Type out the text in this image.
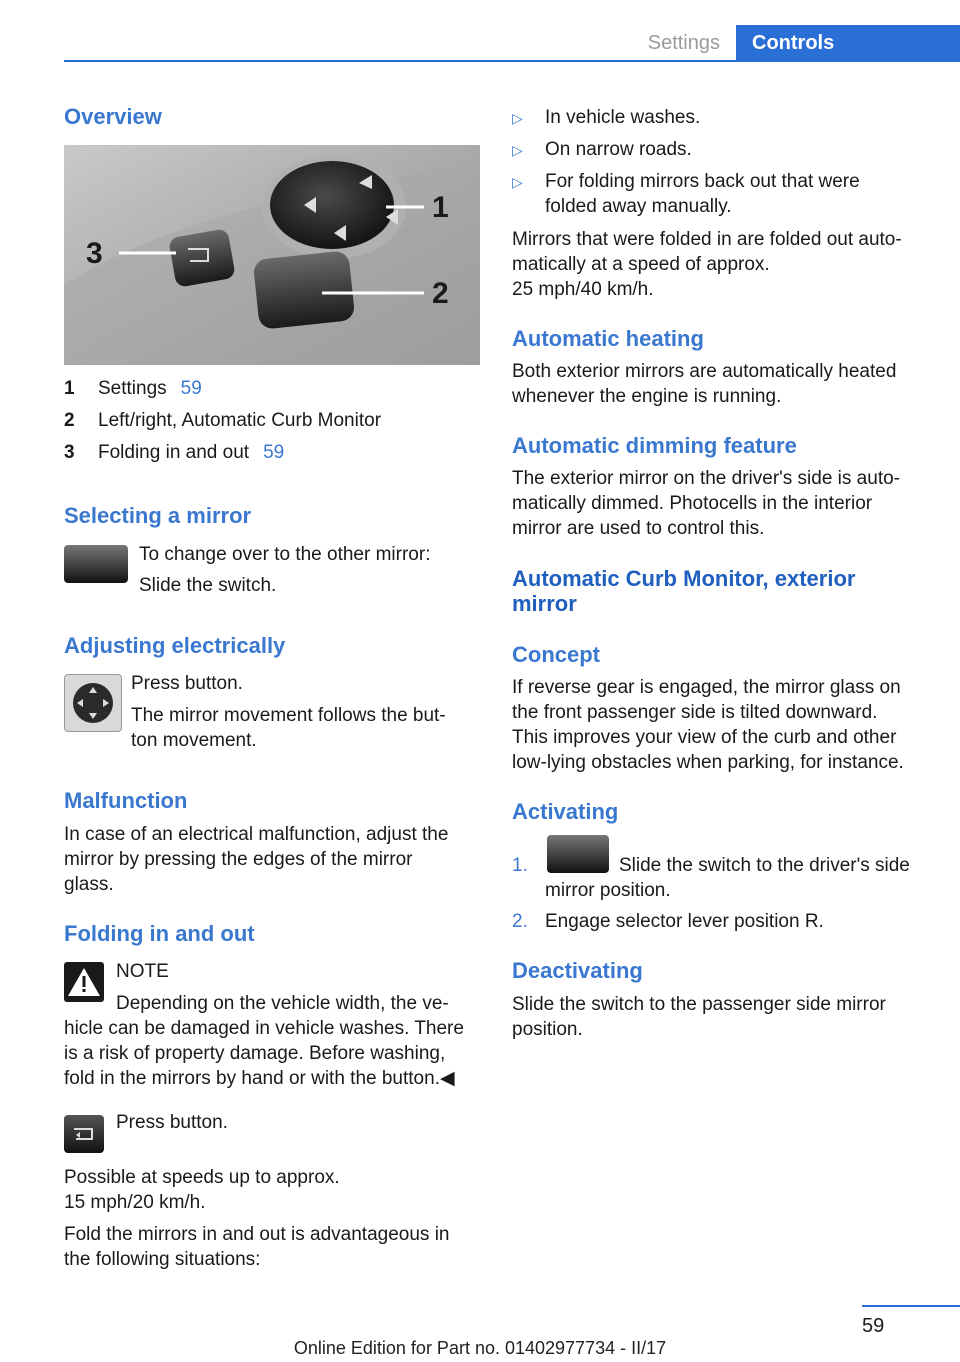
Settings	Controls
Overview
1
2
3
1 Settings 59
2 Left/right, Automatic Curb Monitor
3 Folding in and out 59
Selecting a mirror
To change over to the other mirror:
Slide the switch.
Adjusting electrically
Press button.
The mirror movement follows the but‐
ton movement.
Malfunction
In case of an electrical malfunction, adjust the
mirror by pressing the edges of the mirror
glass.
Folding in and out
NOTE
Depending on the vehicle width, the ve‐
hicle can be damaged in vehicle washes. There
is a risk of property damage. Before washing,
fold in the mirrors by hand or with the button.◀
Press button.
Possible at speeds up to approx.
15 mph/20 km/h.
Fold the mirrors in and out is advantageous in
the following situations:
▷ In vehicle washes.
▷ On narrow roads.
▷ For folding mirrors back out that were
folded away manually.
Mirrors that were folded in are folded out auto‐
matically at a speed of approx.
25 mph/40 km/h.
Automatic heating
Both exterior mirrors are automatically heated
whenever the engine is running.
Automatic dimming feature
The exterior mirror on the driver's side is auto‐
matically dimmed. Photocells in the interior
mirror are used to control this.
Automatic Curb Monitor, exterior
mirror
Concept
If reverse gear is engaged, the mirror glass on
the front passenger side is tilted downward.
This improves your view of the curb and other
low-lying obstacles when parking, for instance.
Activating
1.	Slide the switch to the driver's side
mirror position.
2. Engage selector lever position R.
Deactivating
Slide the switch to the passenger side mirror
position.
59
Online Edition for Part no. 01402977734 - II/17
